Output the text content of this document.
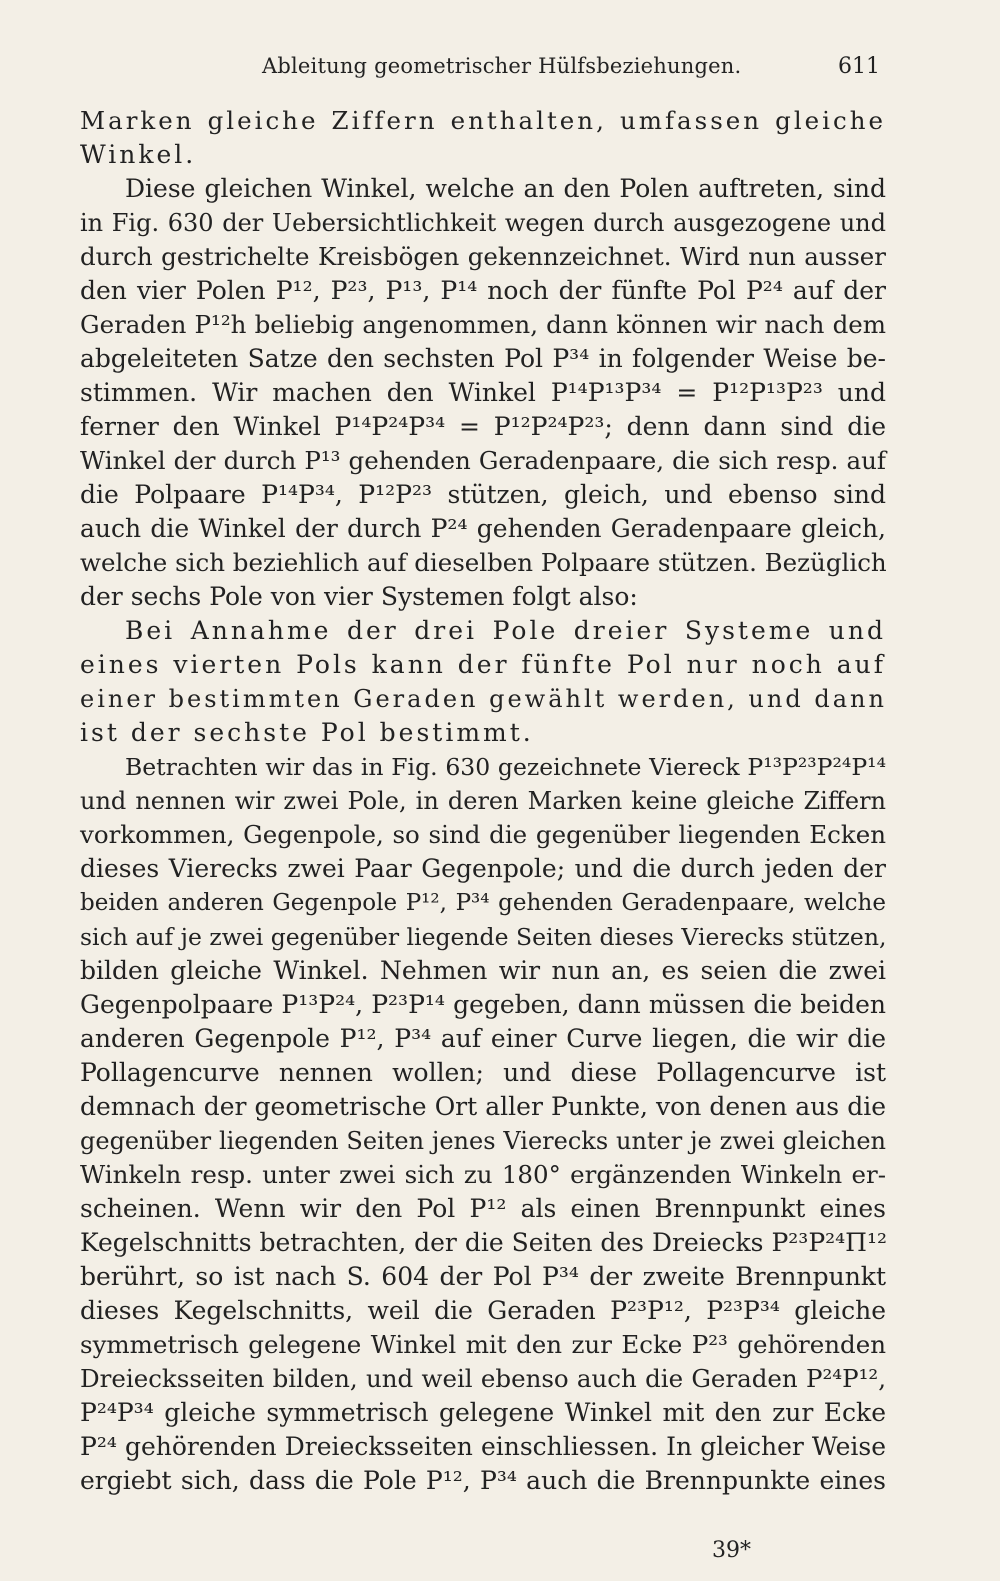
Ableitung geometrischer Hülfsbeziehungen.	611
Marken gleiche Ziffern enthalten, umfassen gleiche
Winkel.
Diese gleichen Winkel, welche an den Polen auftreten, sind
in Fig. 630 der Uebersichtlichkeit wegen durch ausgezogene und
durch gestrichelte Kreisbögen gekennzeichnet. Wird nun ausser
den vier Polen P¹², P²³, P¹³, P¹⁴ noch der fünfte Pol P²⁴ auf der
Geraden P¹²h beliebig angenommen, dann können wir nach dem
abgeleiteten Satze den sechsten Pol P³⁴ in folgender Weise be-
stimmen. Wir machen den Winkel P¹⁴P¹³P³⁴ = P¹²P¹³P²³ und
ferner den Winkel P¹⁴P²⁴P³⁴ = P¹²P²⁴P²³; denn dann sind die
Winkel der durch P¹³ gehenden Geradenpaare, die sich resp. auf
die Polpaare P¹⁴P³⁴, P¹²P²³ stützen, gleich, und ebenso sind
auch die Winkel der durch P²⁴ gehenden Geradenpaare gleich,
welche sich beziehlich auf dieselben Polpaare stützen. Bezüglich
der sechs Pole von vier Systemen folgt also:
Bei Annahme der drei Pole dreier Systeme und
eines vierten Pols kann der fünfte Pol nur noch auf
einer bestimmten Geraden gewählt werden, und dann
ist der sechste Pol bestimmt.
Betrachten wir das in Fig. 630 gezeichnete Viereck P¹³P²³P²⁴P¹⁴
und nennen wir zwei Pole, in deren Marken keine gleiche Ziffern
vorkommen, Gegenpole, so sind die gegenüber liegenden Ecken
dieses Vierecks zwei Paar Gegenpole; und die durch jeden der
beiden anderen Gegenpole P¹², P³⁴ gehenden Geradenpaare, welche
sich auf je zwei gegenüber liegende Seiten dieses Vierecks stützen,
bilden gleiche Winkel. Nehmen wir nun an, es seien die zwei
Gegenpolpaare P¹³P²⁴, P²³P¹⁴ gegeben, dann müssen die beiden
anderen Gegenpole P¹², P³⁴ auf einer Curve liegen, die wir die
Pollagencurve nennen wollen; und diese Pollagencurve ist
demnach der geometrische Ort aller Punkte, von denen aus die
gegenüber liegenden Seiten jenes Vierecks unter je zwei gleichen
Winkeln resp. unter zwei sich zu 180° ergänzenden Winkeln er-
scheinen. Wenn wir den Pol P¹² als einen Brennpunkt eines
Kegelschnitts betrachten, der die Seiten des Dreiecks P²³P²⁴Π¹²
berührt, so ist nach S. 604 der Pol P³⁴ der zweite Brennpunkt
dieses Kegelschnitts, weil die Geraden P²³P¹², P²³P³⁴ gleiche
symmetrisch gelegene Winkel mit den zur Ecke P²³ gehörenden
Dreiecksseiten bilden, und weil ebenso auch die Geraden P²⁴P¹²,
P²⁴P³⁴ gleiche symmetrisch gelegene Winkel mit den zur Ecke
P²⁴ gehörenden Dreiecksseiten einschliessen. In gleicher Weise
ergiebt sich, dass die Pole P¹², P³⁴ auch die Brennpunkte eines
39*
